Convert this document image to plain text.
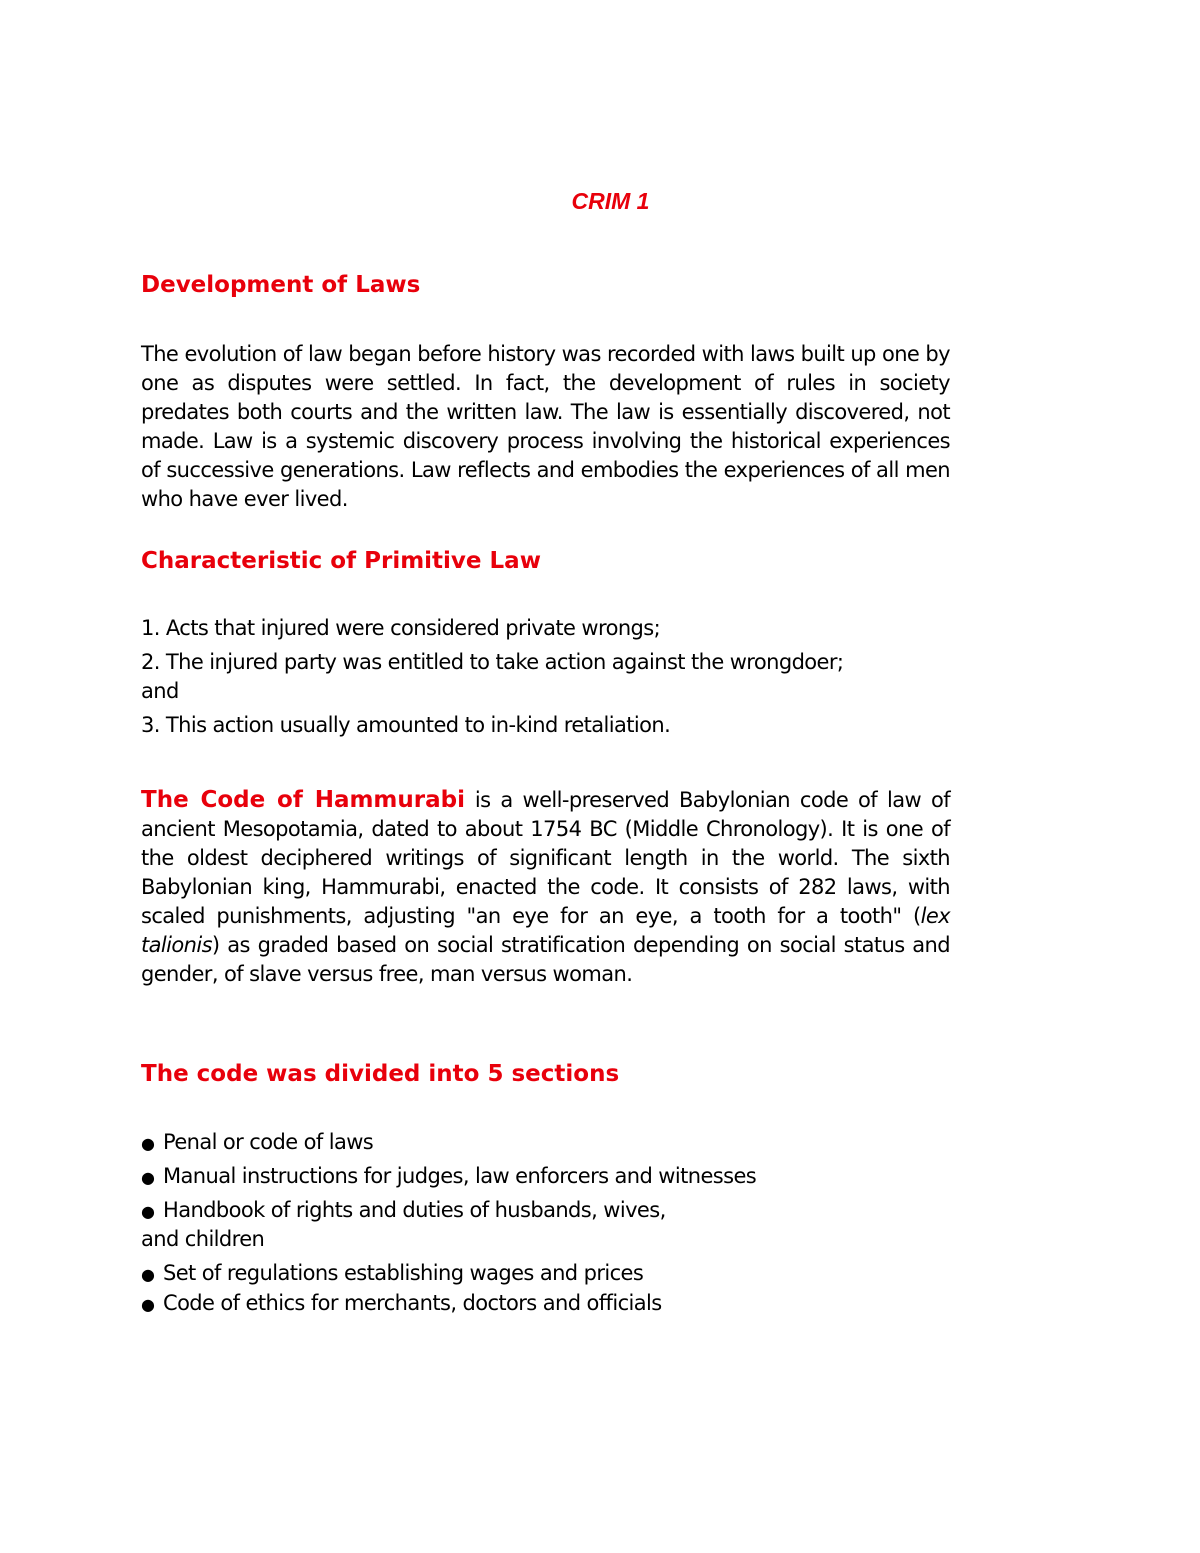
CRIM 1
Development of Laws

The evolution of law began before history was recorded with laws built up one by one as disputes were settled. In fact, the development of rules in society predates both courts and the written law. The law is essentially discovered, not made. Law is a systemic discovery process involving the historical experiences of successive generations. Law reflects and embodies the experiences of all men who have ever lived.

Characteristic of Primitive Law

1. Acts that injured were considered private wrongs;

2. The injured party was entitled to take action against the wrongdoer;

and

3. This action usually amounted to in-kind retaliation.

The Code of Hammurabi is a well-preserved Babylonian code of law of ancient Mesopotamia, dated to about 1754 BC (Middle Chronology). It is one of the oldest deciphered writings of significant length in the world. The sixth Babylonian king, Hammurabi, enacted the code. It consists of 282 laws, with scaled punishments, adjusting "an eye for an eye, a tooth for a tooth" (lex talionis) as graded based on social stratification depending on social status and gender, of slave versus free, man versus woman.

The code was divided into 5 sections

● Penal or code of laws

● Manual instructions for judges, law enforcers and witnesses

● Handbook of rights and duties of husbands, wives,

and children

● Set of regulations establishing wages and prices

● Code of ethics for merchants, doctors and officials
